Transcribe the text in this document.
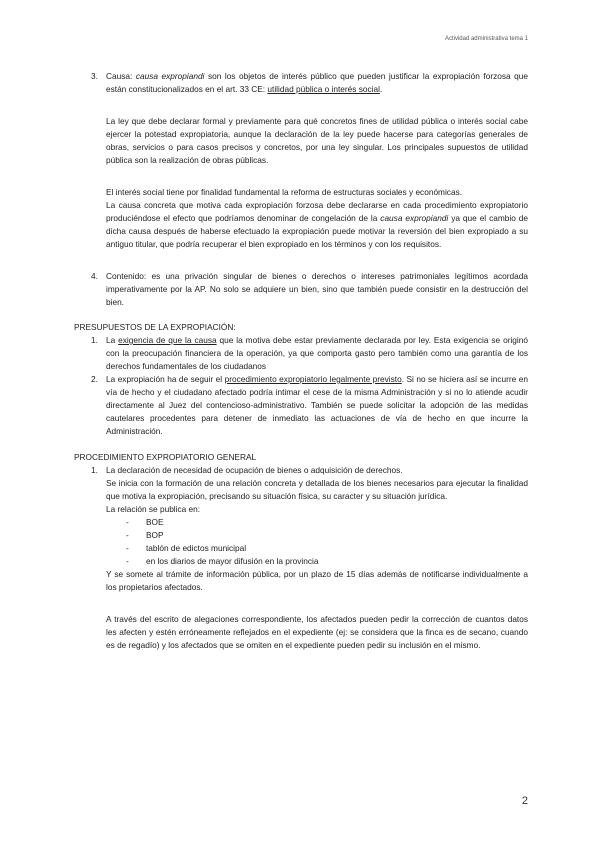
Actividad administrativa tema 1
3. Causa: causa expropiandi son los objetos de interés público que pueden justificar la expropiación forzosa que están constitucionalizados en el art. 33 CE: utilidad pública o interés social.

La ley que debe declarar formal y previamente para qué concretos fines de utilidad pública o interés social cabe ejercer la potestad expropiatoria, aunque la declaración de la ley puede hacerse para categorías generales de obras, servicios o para casos precisos y concretos, por una ley singular. Los principales supuestos de utilidad pública son la realización de obras públicas.

El interés social tiene por finalidad fundamental la reforma de estructuras sociales y económicas.

La causa concreta que motiva cada expropiación forzosa debe declararse en cada procedimiento expropiatorio produciéndose el efecto que podríamos denominar de congelación de la causa expropiandi ya que el cambio de dicha causa después de haberse efectuado la expropiación puede motivar la reversión del bien expropiado a su antiguo titular, que podría recuperar el bien expropiado en los términos y con los requisitos.

4. Contenido: es una privación singular de bienes o derechos o intereses patrimoniales legítimos acordada imperativamente por la AP. No solo se adquiere un bien, sino que también puede consistir en la destrucción del bien.
PRESUPUESTOS DE LA EXPROPIACIÓN:
1. La exigencia de que la causa que la motiva debe estar previamente declarada por ley. Esta exigencia se originó con la preocupación financiera de la operación, ya que comporta gasto pero también como una garantía de los derechos fundamentales de los ciudadanos
2. La expropiación ha de seguir el procedimiento expropiatorio legalmente previsto. Si no se hiciera así se incurre en vía de hecho y el ciudadano afectado podría intimar el cese de la misma Administración y si no lo atiende acudir directamente al Juez del contencioso-administrativo. También se puede solicitar la adopción de las medidas cautelares procedentes para detener de inmediato las actuaciones de vía de hecho en que incurre la Administración.
PROCEDIMIENTO EXPROPIATORIO GENERAL
1. La declaración de necesidad de ocupación de bienes o adquisición de derechos.

Se inicia con la formación de una relación concreta y detallada de los bienes necesarios para ejecutar la finalidad que motiva la expropiación, precisando su situación física, su caracter y su situación jurídica.

La relación se publica en:

- BOE
- BOP
- tablón de edictos municipal
- en los diarios de mayor difusión en la provincia

Y se somete al trámite de información pública, por un plazo de 15 días además de notificarse individualmente a los propietarios afectados.

A través del escrito de alegaciones correspondiente, los afectados pueden pedir la corrección de cuantos datos les afecten y estén erróneamente reflejados en el expediente (ej: se considera que la finca es de secano, cuando es de regadío) y los afectados que se omiten en el expediente pueden pedir su inclusión en el mismo.

2
